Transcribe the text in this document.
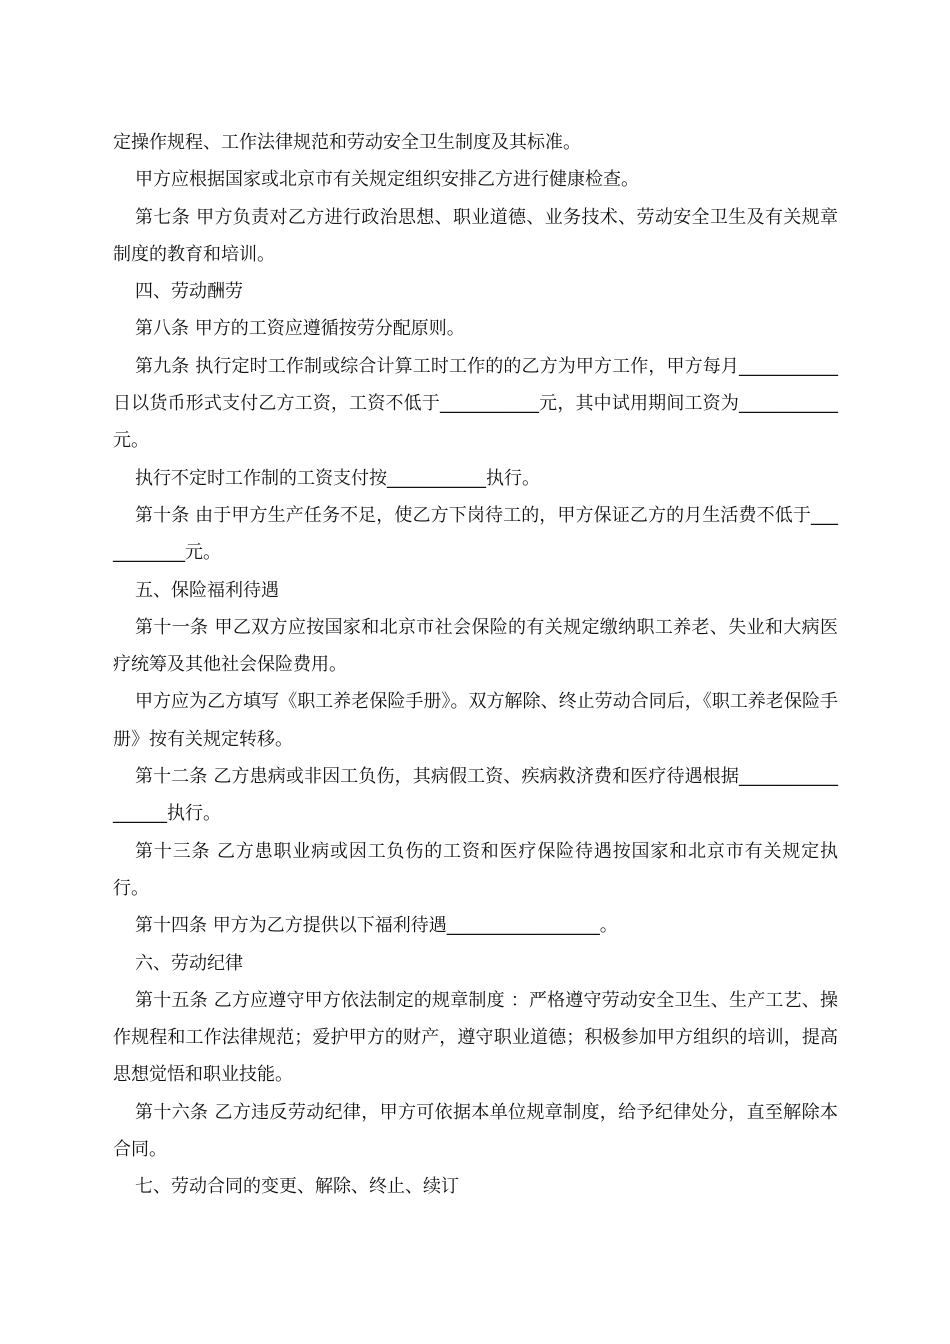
定操作规程、工作法律规范和劳动安全卫生制度及其标准。

甲方应根据国家或北京市有关规定组织安排乙方进行健康检查。

第七条 甲方负责对乙方进行政治思想、职业道德、业务技术、劳动安全卫生及有关规章制度的教育和培训。

四、劳动酬劳

第八条 甲方的工资应遵循按劳分配原则。

第九条 执行定时工作制或综合计算工时工作的的乙方为甲方工作，甲方每月___________日以货币形式支付乙方工资，工资不低于___________元，其中试用期间工资为___________元。

执行不定时工作制的工资支付按___________执行。

第十条 由于甲方生产任务不足，使乙方下岗待工的，甲方保证乙方的月生活费不低于___________元。

五、保险福利待遇

第十一条 甲乙双方应按国家和北京市社会保险的有关规定缴纳职工养老、失业和大病医疗统筹及其他社会保险费用。

甲方应为乙方填写《职工养老保险手册》。双方解除、终止劳动合同后，《职工养老保险手册》按有关规定转移。

第十二条 乙方患病或非因工负伤，其病假工资、疾病救济费和医疗待遇根据_________________执行。

第十三条 乙方患职业病或因工负伤的工资和医疗保险待遇按国家和北京市有关规定执行。

第十四条 甲方为乙方提供以下福利待遇_________________。

六、劳动纪律

第十五条 乙方应遵守甲方依法制定的规章制度 ：严格遵守劳动安全卫生、生产工艺、操作规程和工作法律规范；爱护甲方的财产，遵守职业道德；积极参加甲方组织的培训，提高思想觉悟和职业技能。

第十六条 乙方违反劳动纪律，甲方可依据本单位规章制度，给予纪律处分，直至解除本合同。

七、劳动合同的变更、解除、终止、续订
